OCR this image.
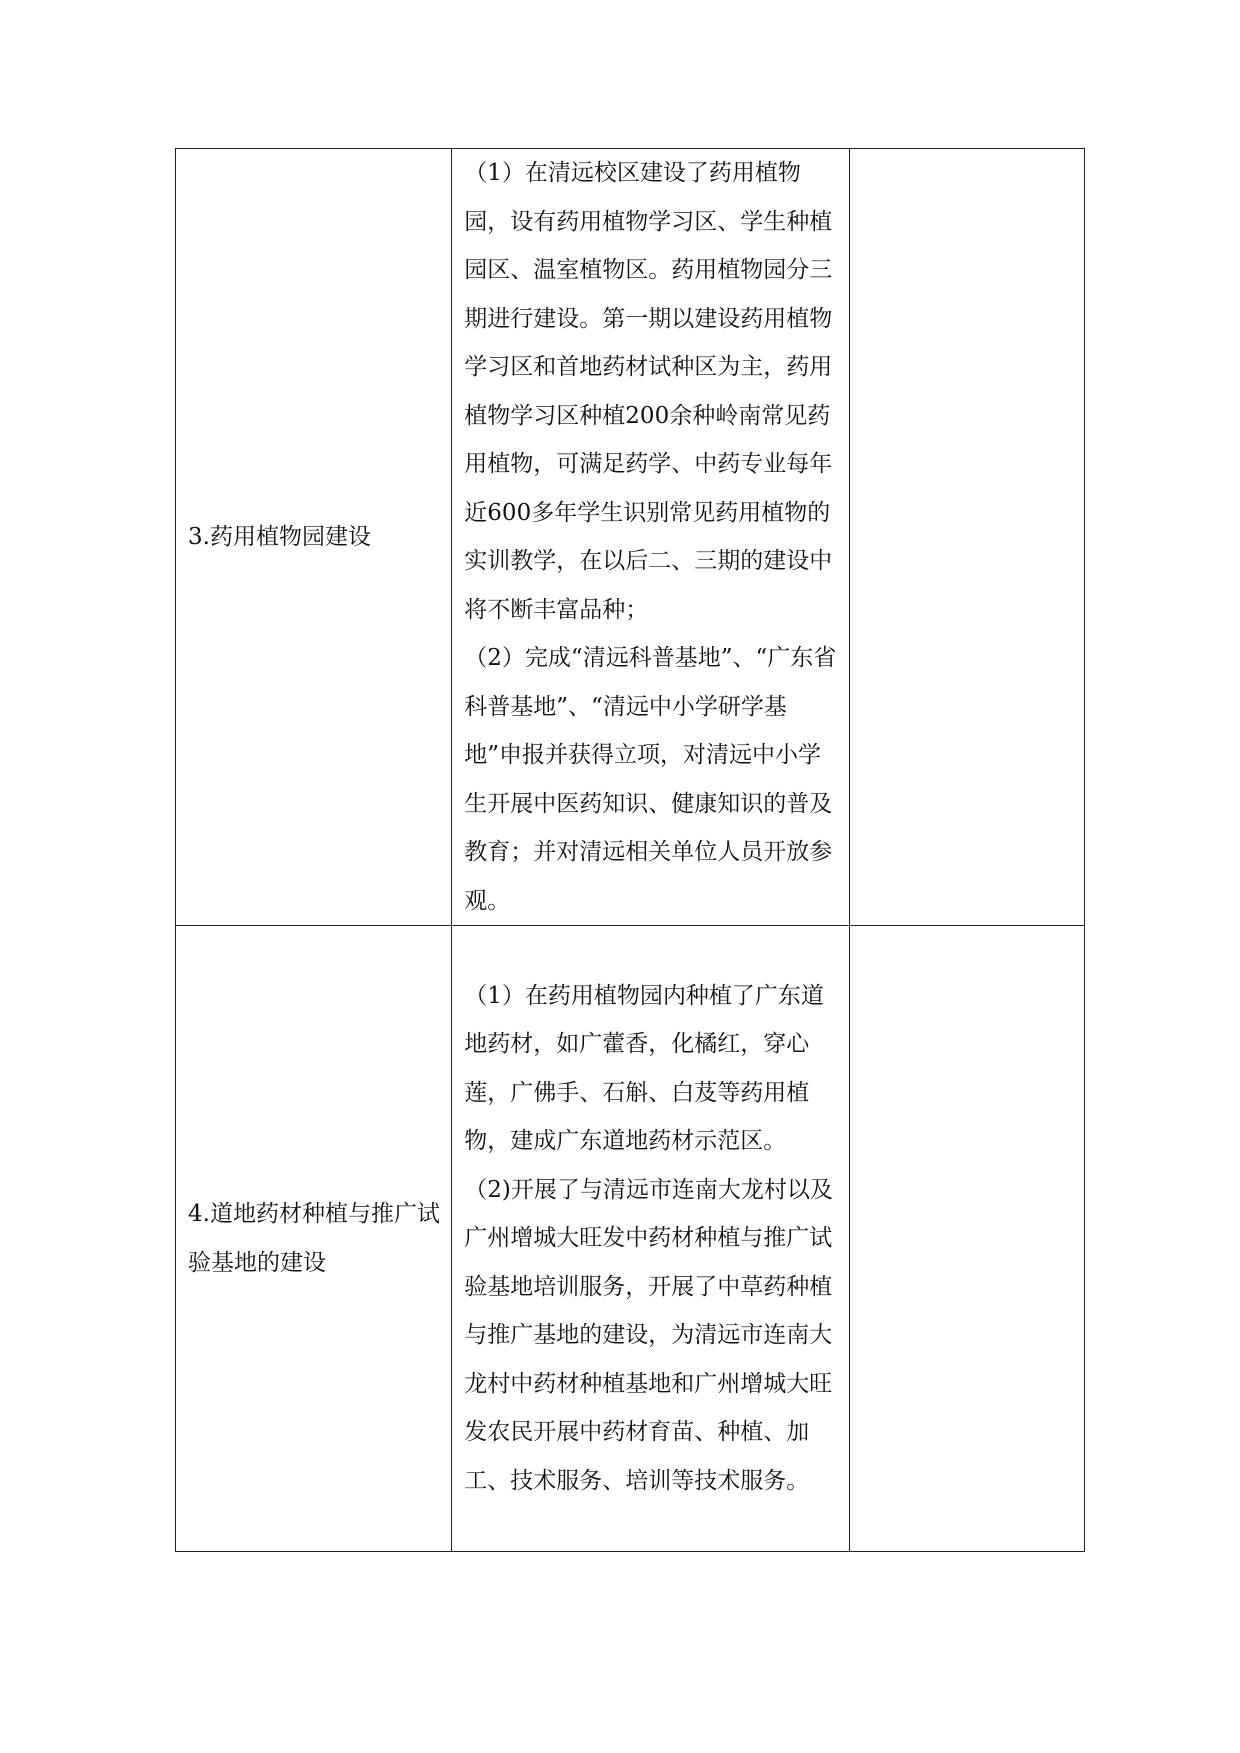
3.药用植物园建设	（1）在清远校区建设了药用植物园，设有药用植物学习区、学生种植园区、温室植物区。药用植物园分三期进行建设。第一期以建设药用植物学习区和首地药材试种区为主，药用植物学习区种植200余种岭南常见药用植物，可满足药学、中药专业每年近600多年学生识别常见药用植物的实训教学，在以后二、三期的建设中将不断丰富品种；
（2）完成“清远科普基地”、“广东省科普基地”、“清远中小学研学基地”申报并获得立项，对清远中小学生开展中医药知识、健康知识的普及教育；并对清远相关单位人员开放参观。	

4.道地药材种植与推广试验基地的建设	（1）在药用植物园内种植了广东道地药材，如广藿香，化橘红，穿心莲，广佛手、石斛、白芨等药用植物，建成广东道地药材示范区。
（2)开展了与清远市连南大龙村以及广州增城大旺发中药材种植与推广试验基地培训服务，开展了中草药种植与推广基地的建设，为清远市连南大龙村中药材种植基地和广州增城大旺发农民开展中药材育苗、种植、加工、技术服务、培训等技术服务。	
